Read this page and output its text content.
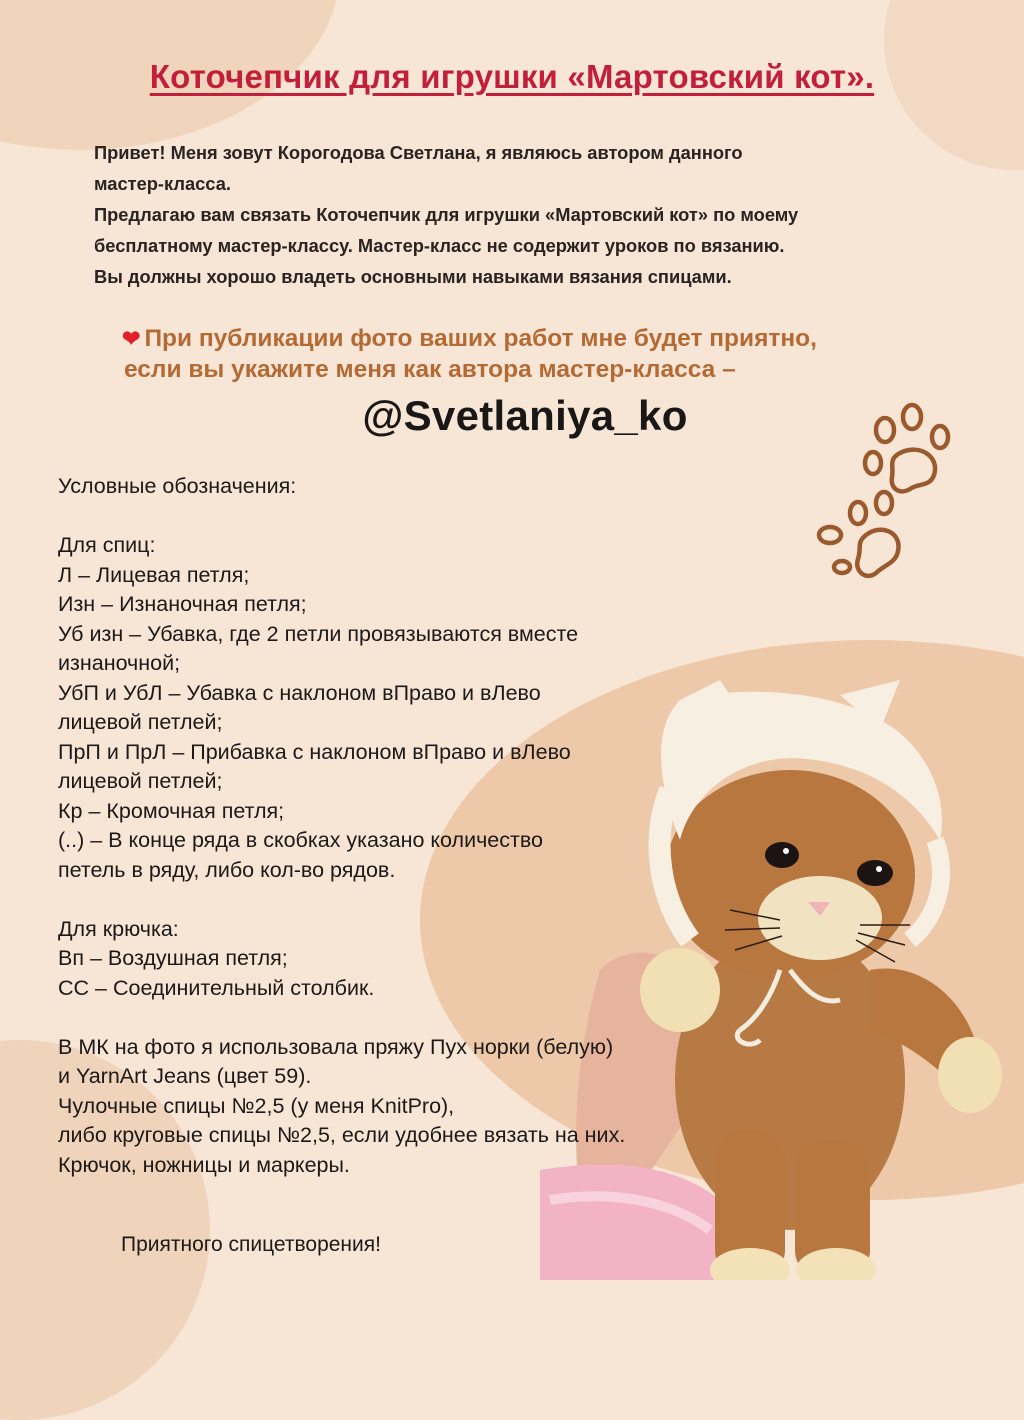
Коточепчик для игрушки «Мартовский кот».

Привет! Меня зовут Корогодова Светлана, я являюсь автором данного

мастер-класса.

Предлагаю вам связать Коточепчик для игрушки «Мартовский кот» по моему

бесплатному мастер-классу. Мастер-класс не содержит уроков по вязанию.

Вы должны хорошо владеть основными навыками вязания спицами.

❤ При публикации фото ваших работ мне будет приятно,
если вы укажите меня как автора мастер-класса –
@Svetlaniya_ko

Условные обозначения:

Для спиц:

Л – Лицевая петля;

Изн – Изнаночная петля;

Уб изн – Убавка, где 2 петли провязываются вместе

изнаночной;

УбП и УбЛ – Убавка с наклоном вПраво и вЛево

лицевой петлей;

ПрП и ПрЛ – Прибавка с наклоном вПраво и вЛево

лицевой петлей;

Кр – Кромочная петля;

(..) – В конце ряда в скобках указано количество

петель в ряду, либо кол-во рядов.

Для крючка:

Вп – Воздушная петля;

СС – Соединительный столбик.

В МК на фото я использовала пряжу Пух норки (белую)

и YarnArt Jeans (цвет 59).

Чулочные спицы №2,5 (у меня KnitPro),

либо круговые спицы №2,5, если удобнее вязать на них.

Крючок, ножницы и маркеры.

Приятного спицетворения!
